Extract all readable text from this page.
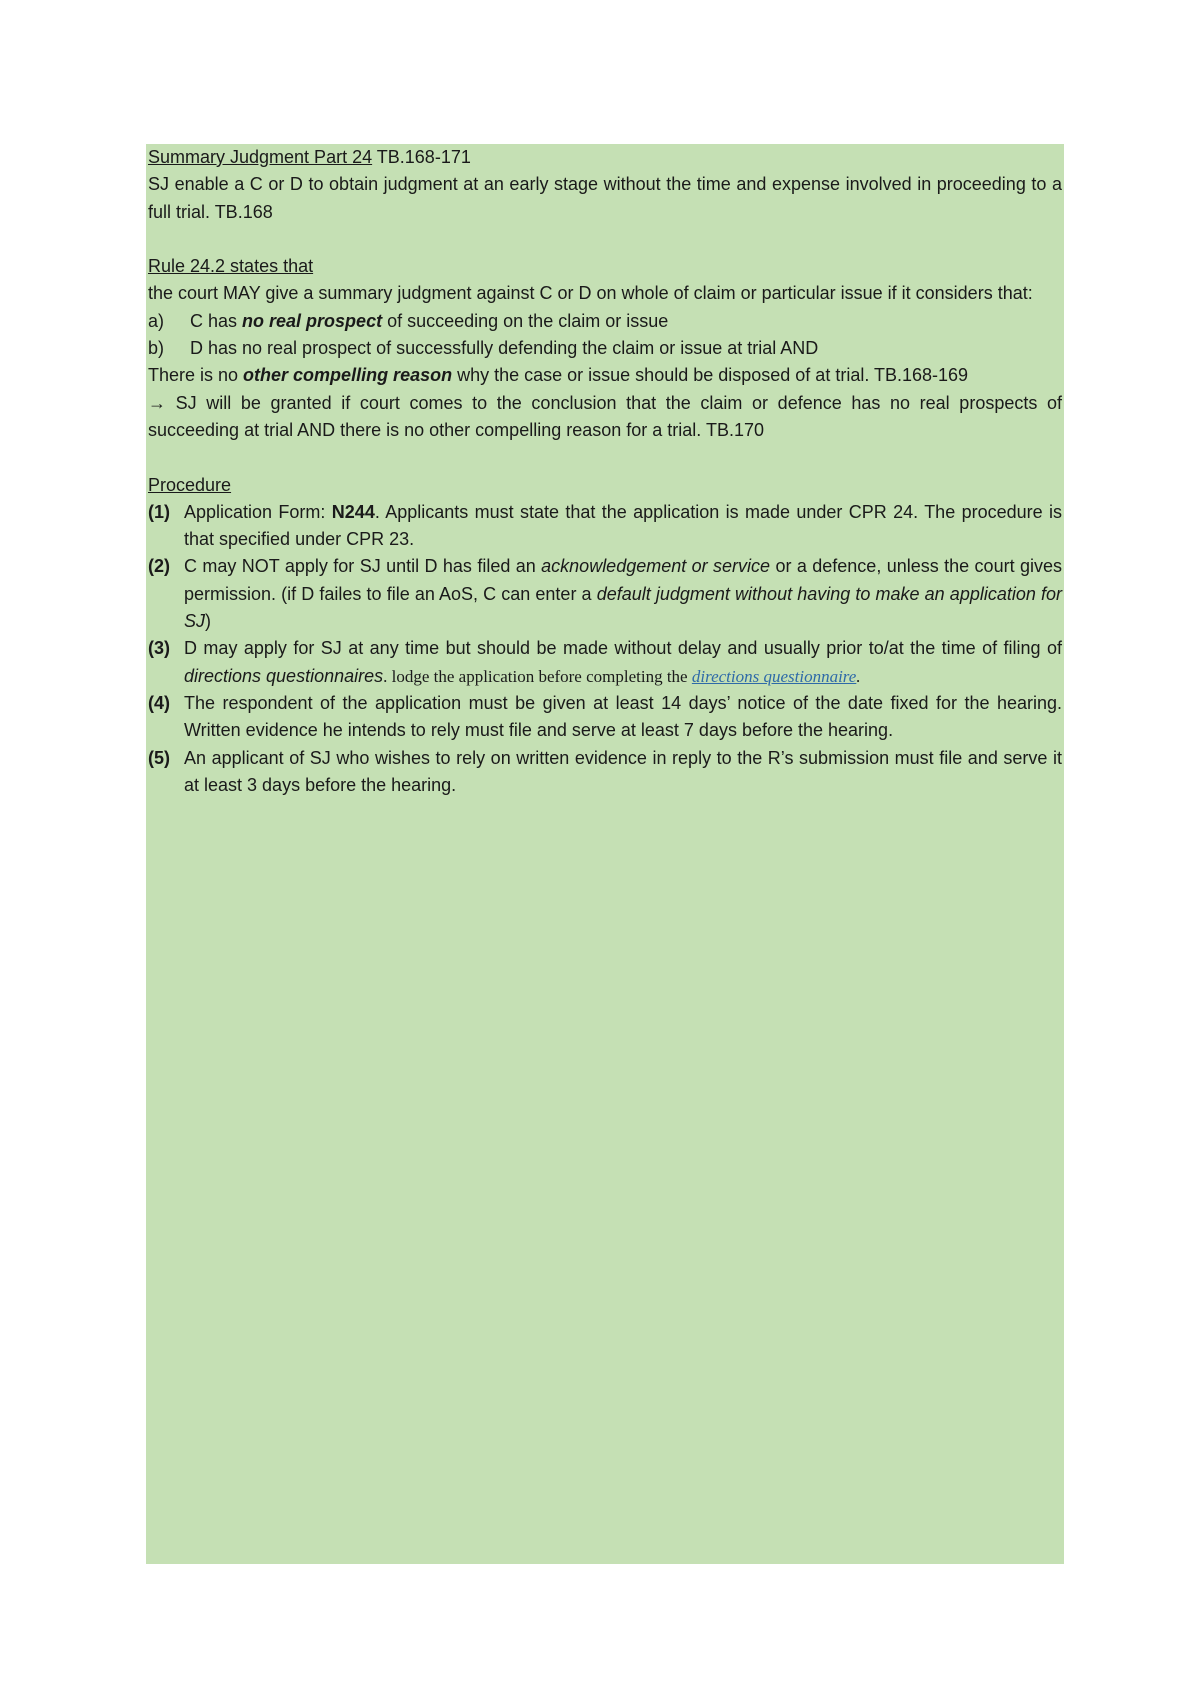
Summary Judgment Part 24 TB.168-171

SJ enable a C or D to obtain judgment at an early stage without the time and expense involved in proceeding to a full trial. TB.168

Rule 24.2 states that

the court MAY give a summary judgment against C or D on whole of claim or particular issue if it considers that:

a)	C has no real prospect of succeeding on the claim or issue
b)	D has no real prospect of successfully defending the claim or issue at trial AND

There is no other compelling reason why the case or issue should be disposed of at trial. TB.168-169

→ SJ will be granted if court comes to the conclusion that the claim or defence has no real prospects of succeeding at trial AND there is no other compelling reason for a trial. TB.170

Procedure

(1) Application Form: N244. Applicants must state that the application is made under CPR 24. The procedure is that specified under CPR 23.
(2) C may NOT apply for SJ until D has filed an acknowledgement or service or a defence, unless the court gives permission. (if D failes to file an AoS, C can enter a default judgment without having to make an application for SJ)
(3) D may apply for SJ at any time but should be made without delay and usually prior to/at the time of filing of directions questionnaires. lodge the application before completing the directions questionnaire.
(4) The respondent of the application must be given at least 14 days’ notice of the date fixed for the hearing. Written evidence he intends to rely must file and serve at least 7 days before the hearing.
(5) An applicant of SJ who wishes to rely on written evidence in reply to the R’s submission must file and serve it at least 3 days before the hearing.
